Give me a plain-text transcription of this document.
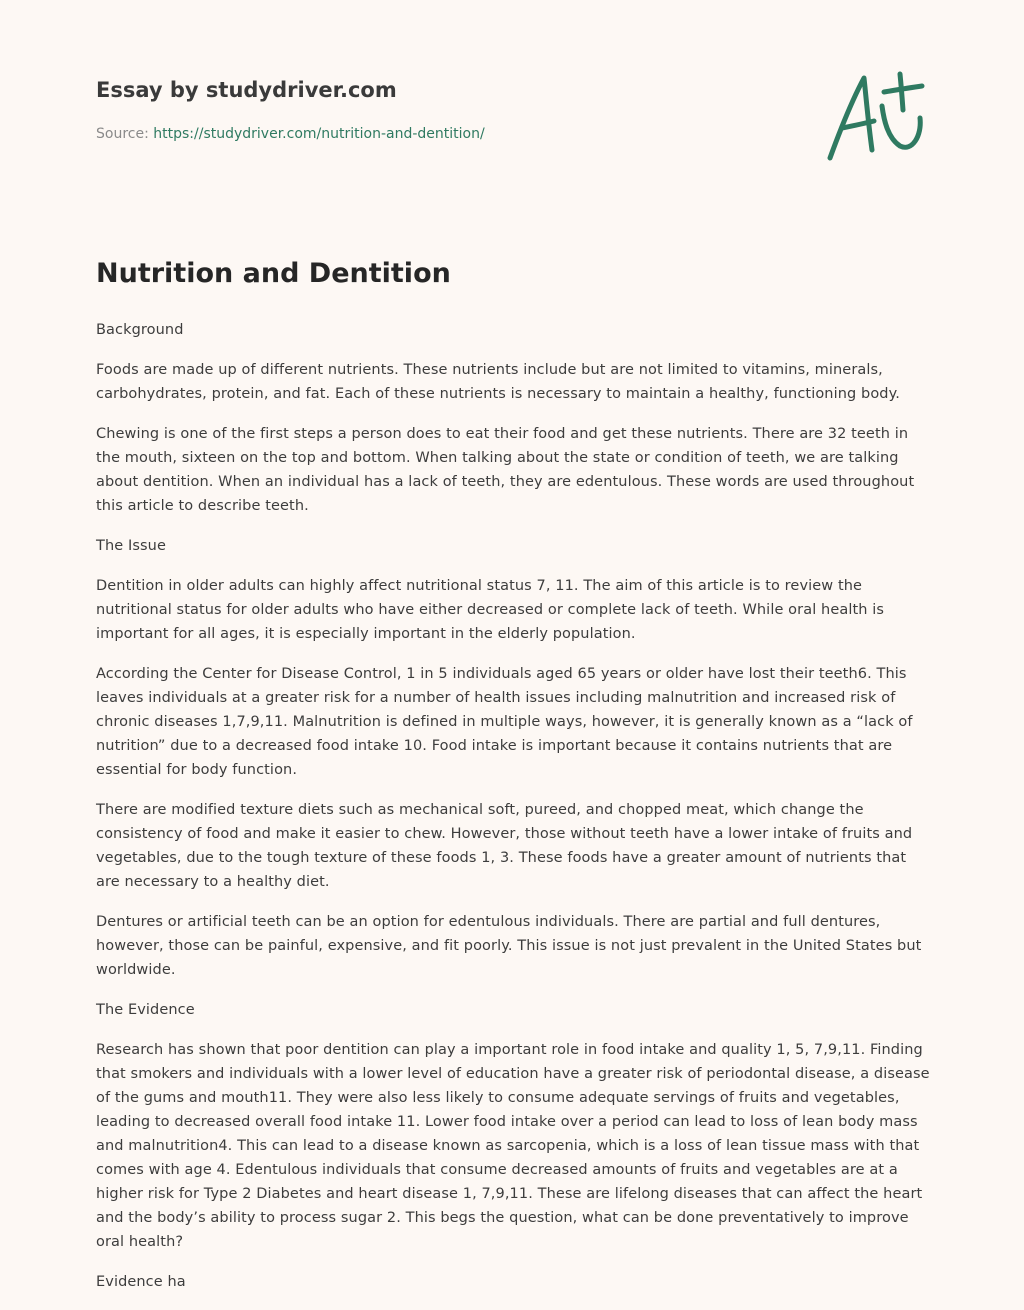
Essay by studydriver.com
Source: https://studydriver.com/nutrition-and-dentition/
Nutrition and Dentition

Background

Foods are made up of different nutrients. These nutrients include but are not limited to vitamins, minerals, carbohydrates, protein, and fat. Each of these nutrients is necessary to maintain a healthy, functioning body.

Chewing is one of the first steps a person does to eat their food and get these nutrients. There are 32 teeth in the mouth, sixteen on the top and bottom. When talking about the state or condition of teeth, we are talking about dentition. When an individual has a lack of teeth, they are edentulous. These words are used throughout this article to describe teeth.

The Issue

Dentition in older adults can highly affect nutritional status 7, 11. The aim of this article is to review the nutritional status for older adults who have either decreased or complete lack of teeth. While oral health is important for all ages, it is especially important in the elderly population.

According the Center for Disease Control, 1 in 5 individuals aged 65 years or older have lost their teeth6. This leaves individuals at a greater risk for a number of health issues including malnutrition and increased risk of chronic diseases 1,7,9,11. Malnutrition is defined in multiple ways, however, it is generally known as a “lack of nutrition” due to a decreased food intake 10. Food intake is important because it contains nutrients that are essential for body function.

There are modified texture diets such as mechanical soft, pureed, and chopped meat, which change the consistency of food and make it easier to chew. However, those without teeth have a lower intake of fruits and vegetables, due to the tough texture of these foods 1, 3. These foods have a greater amount of nutrients that are necessary to a healthy diet.

Dentures or artificial teeth can be an option for edentulous individuals. There are partial and full dentures, however, those can be painful, expensive, and fit poorly. This issue is not just prevalent in the United States but worldwide.

The Evidence

Research has shown that poor dentition can play a important role in food intake and quality 1, 5, 7,9,11. Finding that smokers and individuals with a lower level of education have a greater risk of periodontal disease, a disease of the gums and mouth11. They were also less likely to consume adequate servings of fruits and vegetables, leading to decreased overall food intake 11. Lower food intake over a period can lead to loss of lean body mass and malnutrition4. This can lead to a disease known as sarcopenia, which is a loss of lean tissue mass with that comes with age 4. Edentulous individuals that consume decreased amounts of fruits and vegetables are at a higher risk for Type 2 Diabetes and heart disease 1, 7,9,11. These are lifelong diseases that can affect the heart and the body’s ability to process sugar 2. This begs the question, what can be done preventatively to improve oral health?

Evidence ha
